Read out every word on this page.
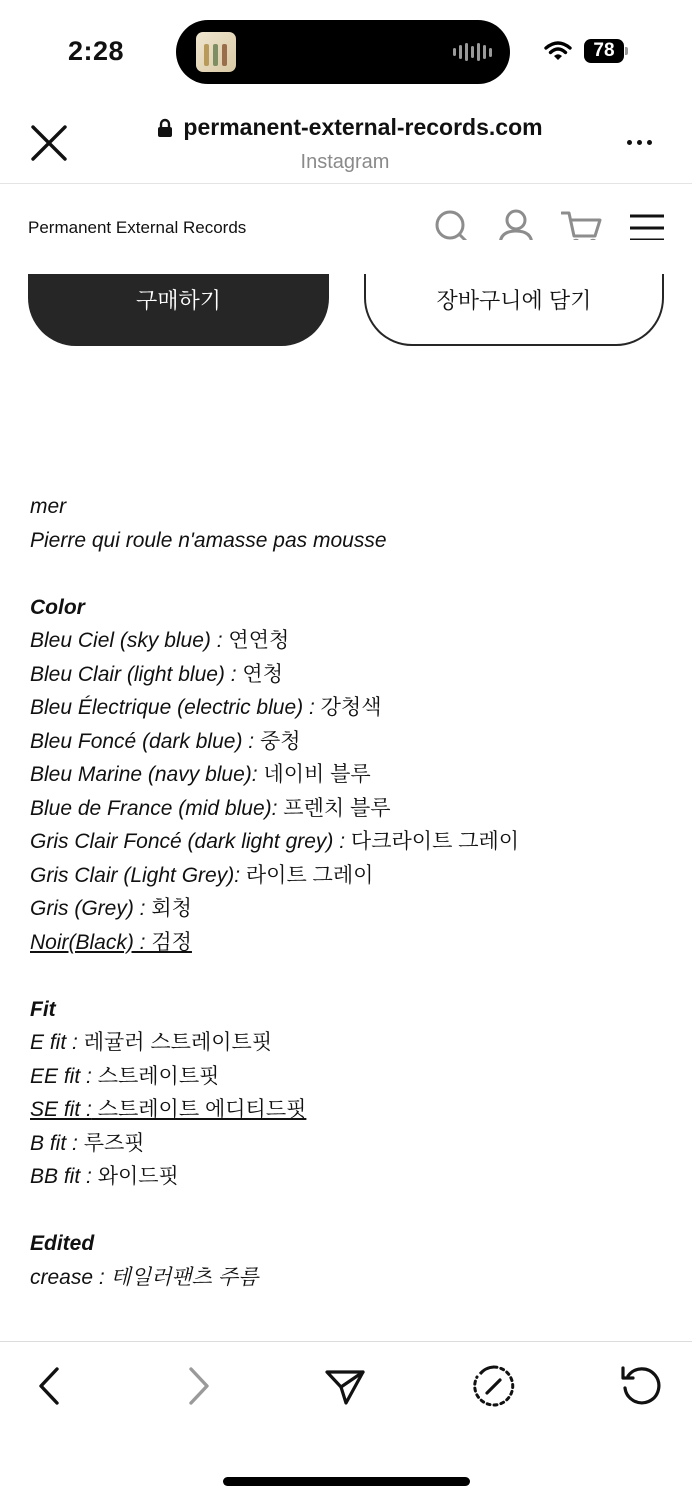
2:28	78
permanent-external-records.com
Instagram
Permanent External Records
구매하기	장바구니에 담기
mer
Pierre qui roule n'amasse pas mousse
Color
Bleu Ciel (sky blue) : 연연청
Bleu Clair (light blue) : 연청
Bleu Électrique (electric blue) : 강청색
Bleu Foncé (dark blue) : 중청
Bleu Marine (navy blue): 네이비 블루
Blue de France (mid blue): 프렌치 블루
Gris Clair Foncé (dark light grey) : 다크라이트 그레이
Gris Clair (Light Grey): 라이트 그레이
Gris (Grey) : 회청
Noir(Black) : 검정
Fit
E fit : 레귤러 스트레이트핏
EE fit : 스트레이트핏
SE fit : 스트레이트 에디티드핏
B fit : 루즈핏
BB fit : 와이드핏
Edited
crease : 테일러팬츠 주름
